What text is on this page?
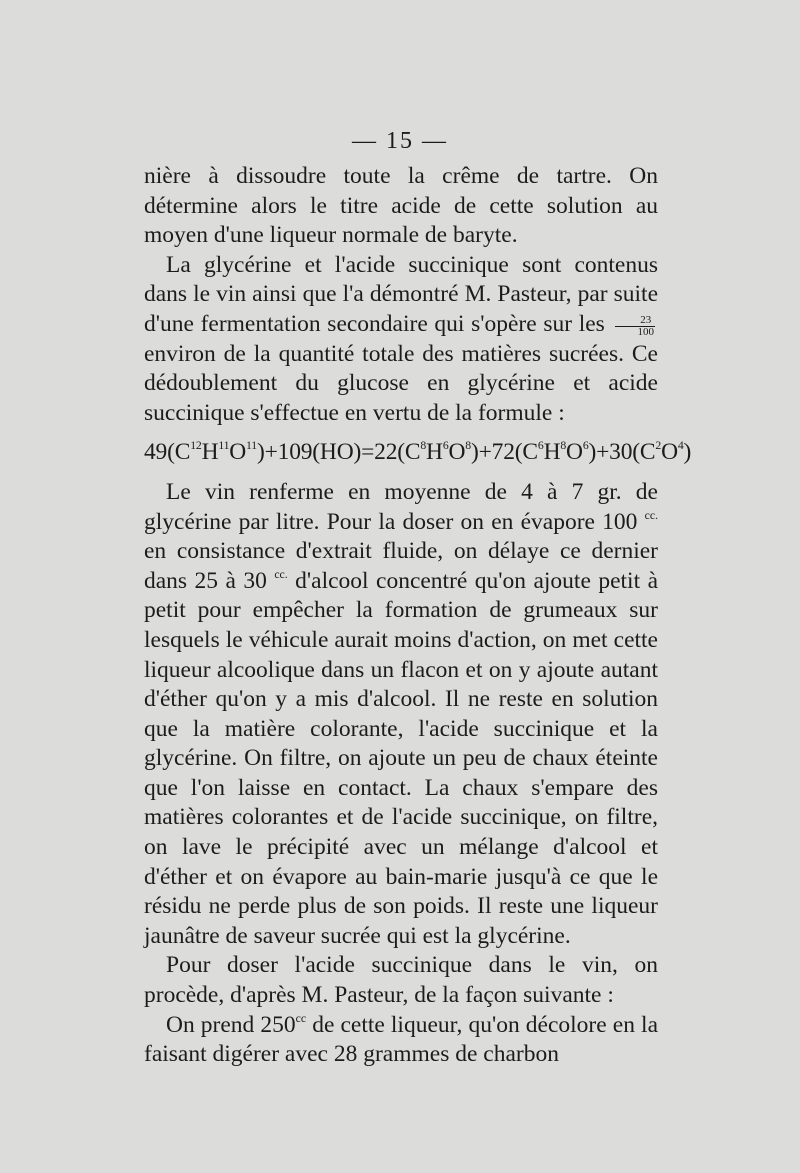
— 15 —

nière à dissoudre toute la crême de tartre. On détermine alors le titre acide de cette solution au moyen d'une liqueur normale de baryte.

La glycérine et l'acide succinique sont contenus dans le vin ainsi que l'a démontré M. Pasteur, par suite d'une fermentation secondaire qui s'opère sur les $\frac{23}{100}$
environ de la quantité totale des matières sucrées. Ce dédoublement du glucose en glycérine et acide succinique s'effectue en vertu de la formule :

$49(C^{12}H^{11}O^{11})+109(HO)=22(C^8H^6O^8)+72(C^6H^8O^6)+30(C^2O^4)$

Le vin renferme en moyenne de 4 à 7 gr. de glycérine par litre. Pour la doser on en évapore 100 $^{cc.}$ en consistance d'extrait fluide, on délaye ce dernier dans 25 à 30 $^{cc.}$ d'alcool concentré qu'on ajoute petit à petit pour empêcher la formation de grumeaux sur lesquels le véhicule aurait moins d'action, on met cette liqueur alcoolique dans un flacon et on y ajoute autant d'éther qu'on y a mis d'alcool. Il ne reste en solution que la matière colorante, l'acide succinique et la glycérine. On filtre, on ajoute un peu de chaux éteinte que l'on laisse en contact. La chaux s'empare des matières colorantes et de l'acide succinique, on filtre, on lave le précipité avec un mélange d'alcool et d'éther et on évapore au bain-marie jusqu'à ce que le résidu ne perde plus de son poids. Il reste une liqueur jaunâtre de saveur sucrée qui est la glycérine.

Pour doser l'acide succinique dans le vin, on procède, d'après M. Pasteur, de la façon suivante :

On prend $250^{cc}$ de cette liqueur, qu'on décolore en la faisant digérer avec 28 grammes de charbon
